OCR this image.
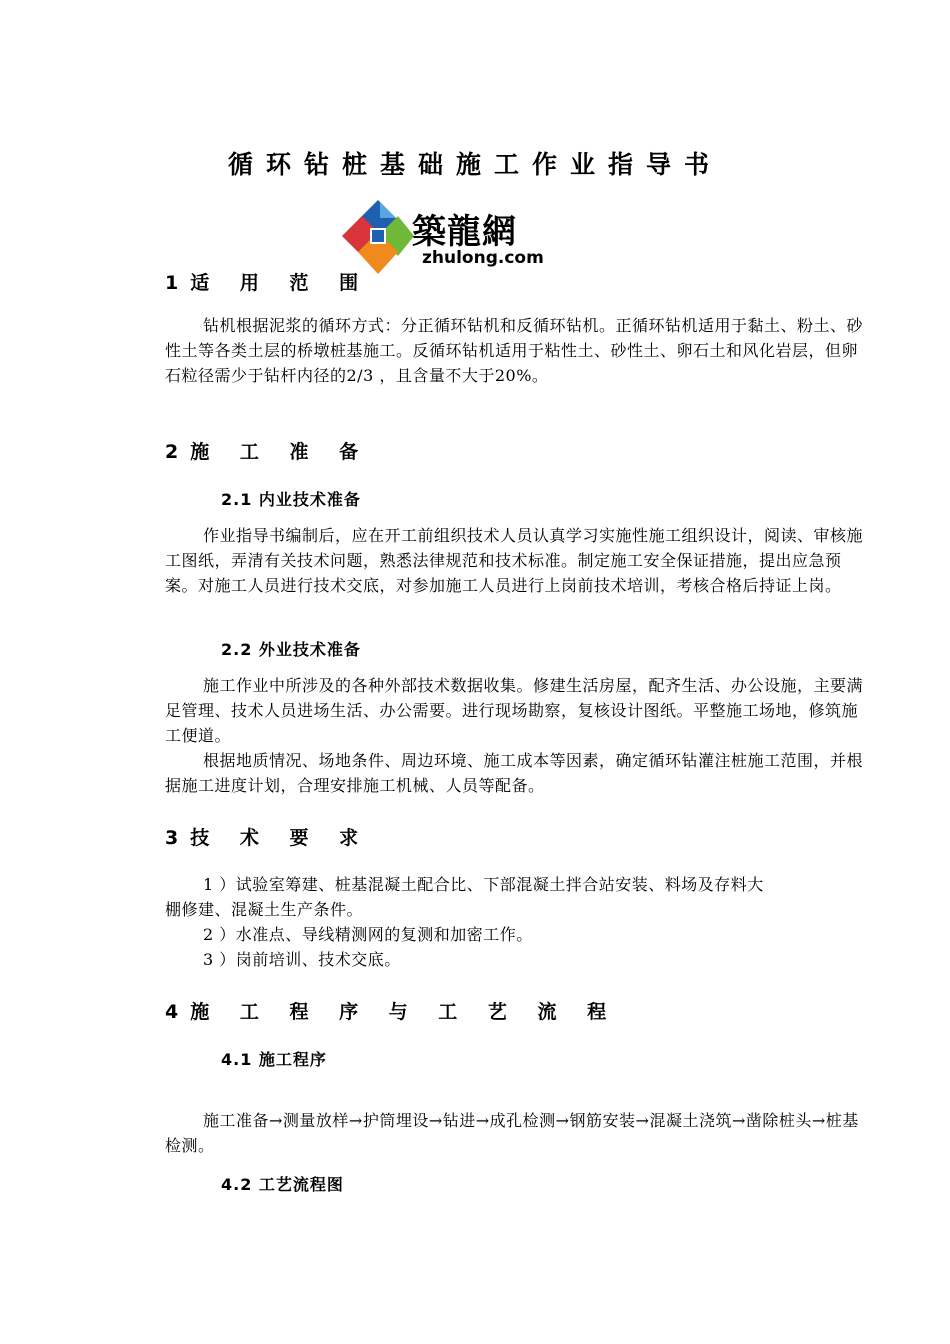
循环钻桩基础施工作业指导书
築龍網
zhulong.com
1适 用 范 围
钻机根据泥浆的循环方式：分正循环钻机和反循环钻机。正循环钻机适用于黏土、粉土、砂性土等各类土层的桥墩桩基施工。反循环钻机适用于粘性土、砂性土、卵石土和风化岩层，但卵石粒径需少于钻杆内径的2/3 ，且含量不大于20%。
2施 工 准 备
2.1 内业技术准备
作业指导书编制后，应在开工前组织技术人员认真学习实施性施工组织设计，阅读、审核施工图纸，弄清有关技术问题，熟悉法律规范和技术标准。制定施工安全保证措施，提出应急预案。对施工人员进行技术交底，对参加施工人员进行上岗前技术培训，考核合格后持证上岗。
2.2 外业技术准备
施工作业中所涉及的各种外部技术数据收集。修建生活房屋，配齐生活、办公设施，主要满足管理、技术人员进场生活、办公需要。进行现场勘察，复核设计图纸。平整施工场地，修筑施工便道。
根据地质情况、场地条件、周边环境、施工成本等因素，确定循环钻灌注桩施工范围，并根据施工进度计划，合理安排施工机械、人员等配备。
3技 术 要 求
1 ）试验室筹建、桩基混凝土配合比、下部混凝土拌合站安装、料场及存料大
棚修建、混凝土生产条件。
2 ）水准点、导线精测网的复测和加密工作。
3 ）岗前培训、技术交底。
4施 工 程 序 与 工 艺 流 程
4.1 施工程序
施工准备→测量放样→护筒埋设→钻进→成孔检测→钢筋安装→混凝土浇筑→凿除桩头→桩基检测。
4.2 工艺流程图
